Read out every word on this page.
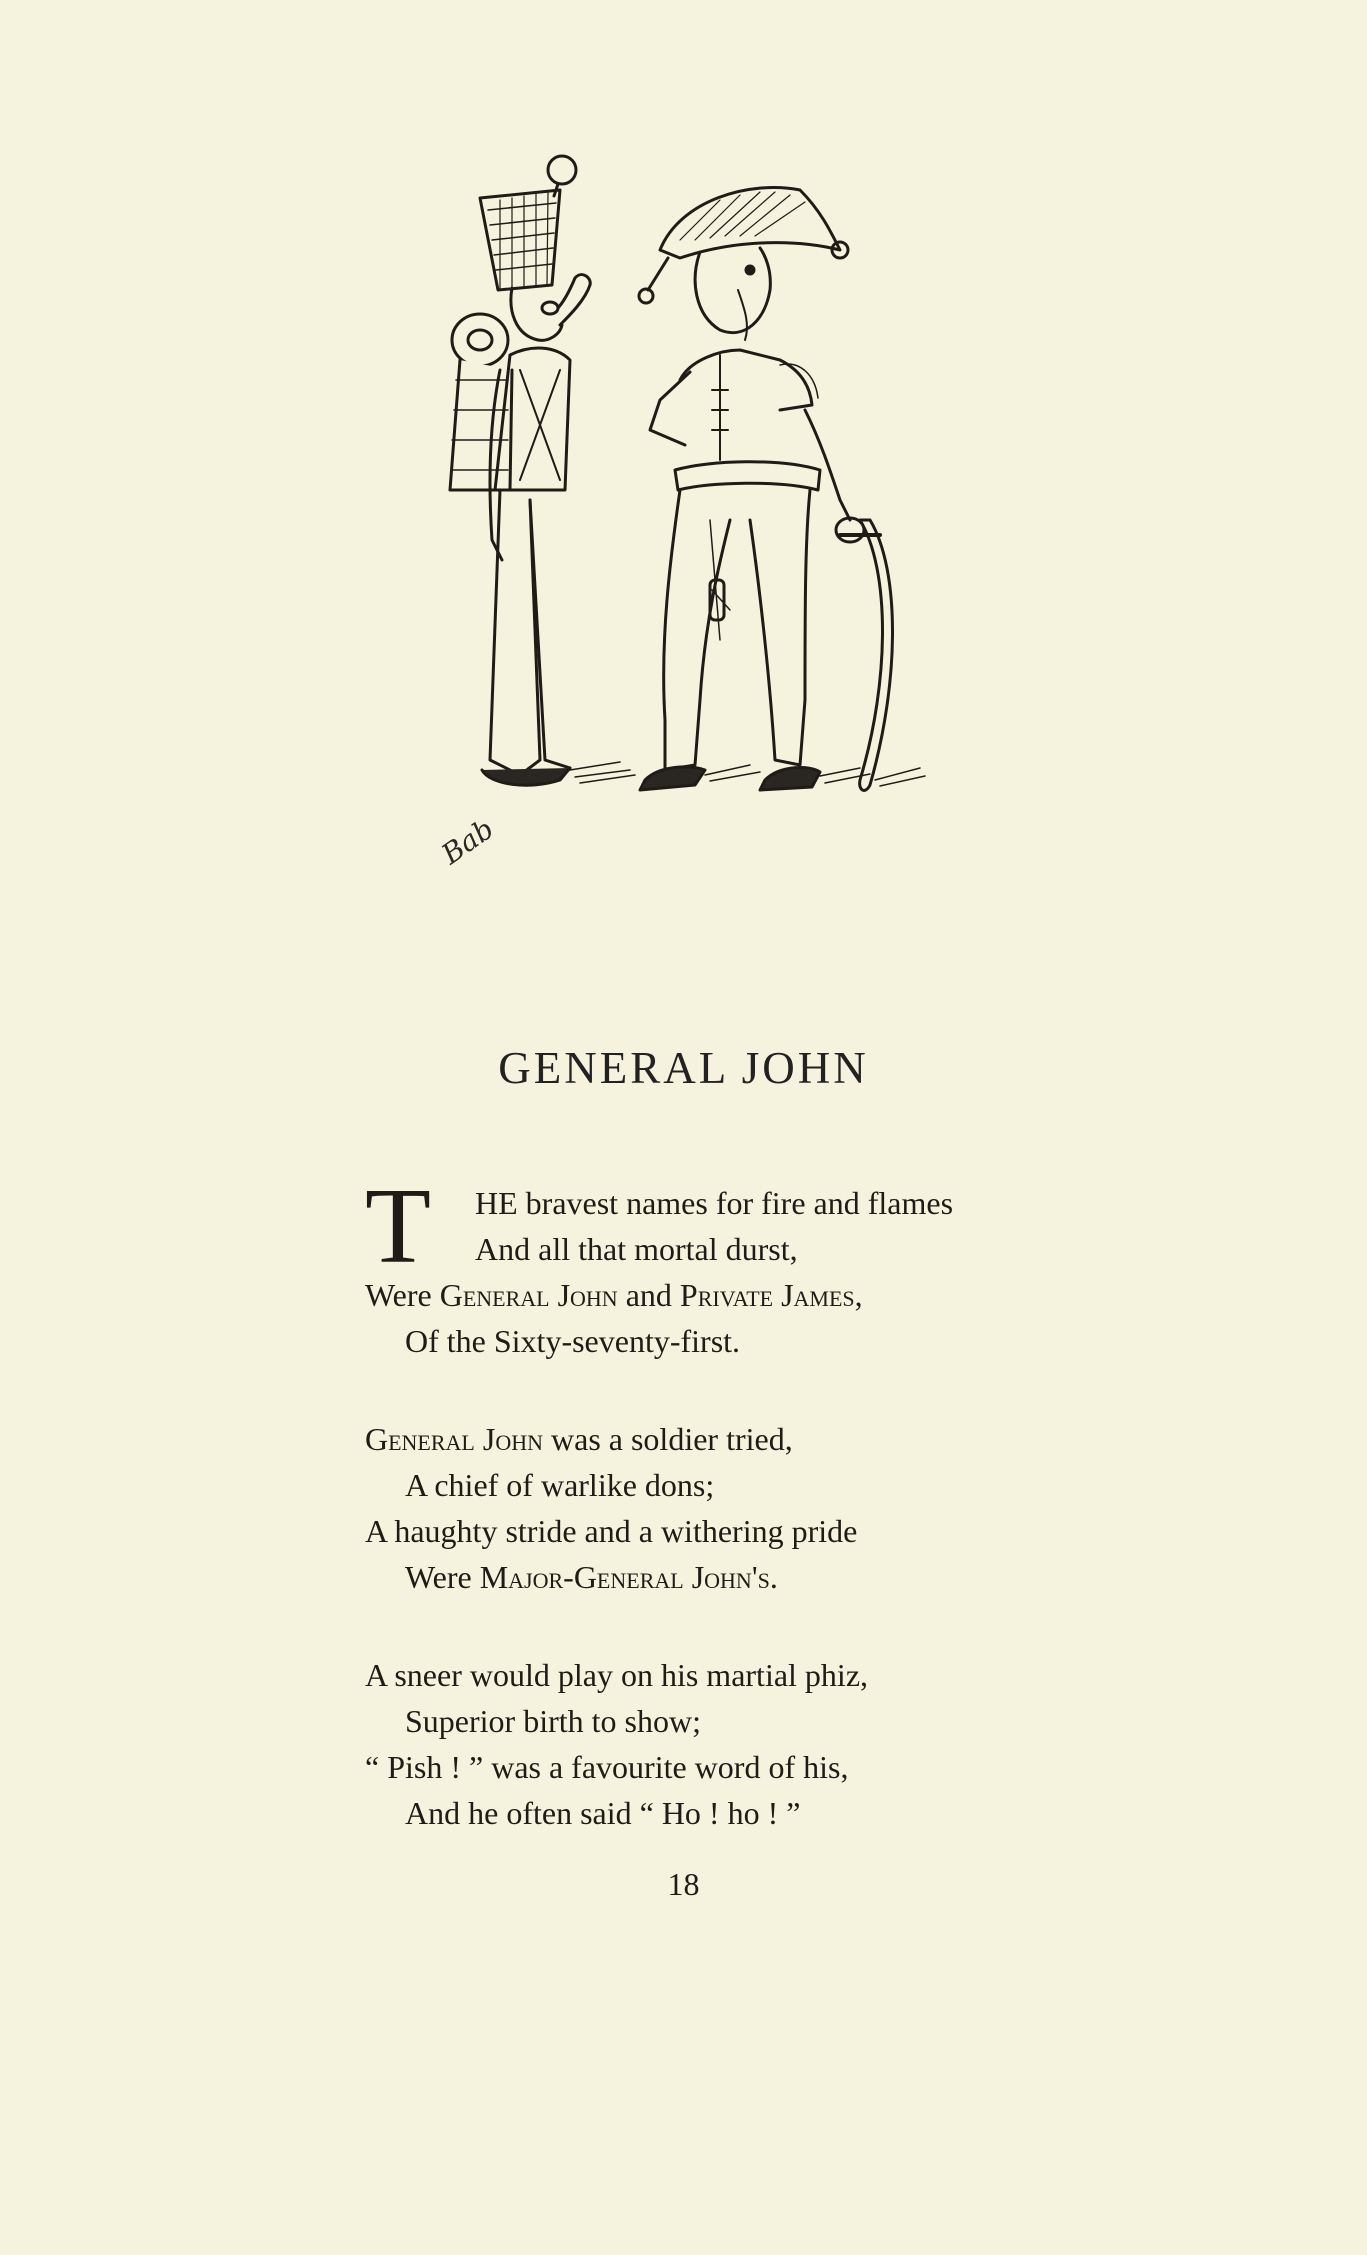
Bab
GENERAL JOHN
T	HE bravest names for fire and flames
And all that mortal durst,
Were General John and Private James,
Of the Sixty-seventy-first.
General John was a soldier tried,
A chief of warlike dons;
A haughty stride and a withering pride
Were Major-General John's.
A sneer would play on his martial phiz,
Superior birth to show;
“ Pish ! ” was a favourite word of his,
And he often said “ Ho ! ho ! ”
18
